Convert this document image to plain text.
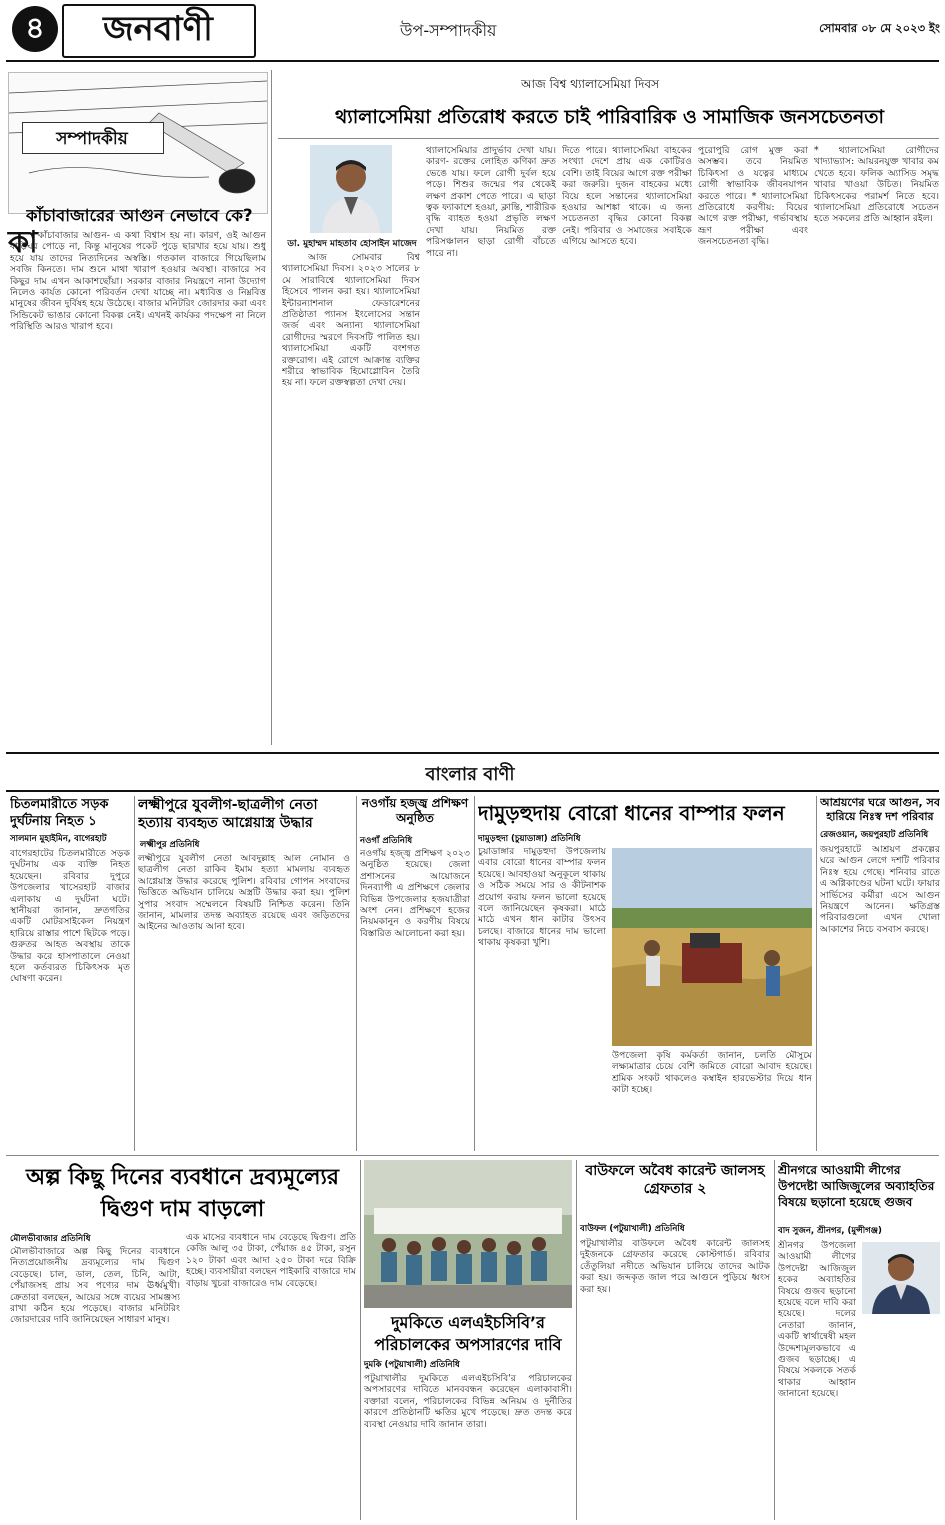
৪	জনবাণী	উপ-সম্পাদকীয়	সোমবার ০৮ মে ২০২৩ ইং
সম্পাদকীয়
কাঁচাবাজারের আগুন নেভাবে কে?
কা কাঁচাবাজার আগুন- এ কথা বিশ্বাস হয় না। কারণ, ওই আগুন বাড়িঘর পোড়ে না, কিন্তু মানুষের পকেট পুড়ে ছারখার হয়ে যায়। শুধু হয়ে যায় তাদের নিত্যদিনের অস্বস্তি। গতকাল বাজারে গিয়েছিলাম সবজি কিনতে। দাম শুনে মাথা খারাপ হওয়ার অবস্থা। বাজারে সব কিছুর দাম এখন আকাশছোঁয়া। সরকার বাজার নিয়ন্ত্রণে নানা উদ্যোগ নিলেও কার্যত কোনো পরিবর্তন দেখা যাচ্ছে না। মধ্যবিত্ত ও নিম্নবিত্ত মানুষের জীবন দুর্বিষহ হয়ে উঠেছে। বাজার মনিটরিং জোরদার করা এবং সিন্ডিকেট ভাঙার কোনো বিকল্প নেই। এখনই কার্যকর পদক্ষেপ না নিলে পরিস্থিতি আরও খারাপ হবে।
আজ বিশ্ব থ্যালাসেমিয়া দিবস
থ্যালাসেমিয়া প্রতিরোধ করতে চাই পারিবারিক ও সামাজিক জনসচেতনতা
ডা. মুহাম্মদ মাহতাব হোসাইন মাজেদ
আজ সোমবার বিশ্ব থ্যালাসেমিয়া দিবস। ২০২৩ সালের ৮ মে সারাবিশ্বে থ্যালাসেমিয়া দিবস হিসেবে পালন করা হয়। থ্যালাসেমিয়া ইন্টারন্যাশনাল ফেডারেশনের প্রতিষ্ঠাতা প্যানস ইংলোসের সন্তান জর্জ এবং অন্যান্য থ্যালাসেমিয়া রোগীদের স্মরণে দিবসটি পালিত হয়। থ্যালাসেমিয়া একটি বংশগত রক্তরোগ। এই রোগে আক্রান্ত ব্যক্তির শরীরে স্বাভাবিক হিমোগ্লোবিন তৈরি হয় না। ফলে রক্তস্বল্পতা দেখা দেয়।
থ্যালাসেমিয়ার প্রাদুর্ভাব দেখা যায়। কারণ- রক্তের লোহিত কণিকা দ্রুত ভেঙে যায়। ফলে রোগী দুর্বল হয়ে পড়ে। শিশুর জন্মের পর থেকেই লক্ষণ প্রকাশ পেতে পারে। এ ছাড়া ত্বক ফ্যাকাশে হওয়া, ক্লান্তি, শারীরিক বৃদ্ধি ব্যাহত হওয়া প্রভৃতি লক্ষণ দেখা যায়। নিয়মিত রক্ত পরিসঞ্চালন ছাড়া রোগী বাঁচতে পারে না।
দিতে পারে। থ্যালাসেমিয়া বাহকের সংখ্যা দেশে প্রায় এক কোটিরও বেশি। তাই বিয়ের আগে রক্ত পরীক্ষা করা জরুরি। দুজন বাহকের মধ্যে বিয়ে হলে সন্তানের থ্যালাসেমিয়া হওয়ার আশঙ্কা থাকে। এ জন্য সচেতনতা বৃদ্ধির কোনো বিকল্প নেই। পরিবার ও সমাজের সবাইকে এগিয়ে আসতে হবে।
পুরোপুরি রোগ মুক্ত করা অসম্ভব। তবে নিয়মিত চিকিৎসা ও যত্নের মাধ্যমে রোগী স্বাভাবিক জীবনযাপন করতে পারে। * থ্যালাসেমিয়া প্রতিরোধে করণীয়: বিয়ের আগে রক্ত পরীক্ষা, গর্ভাবস্থায় ভ্রূণ পরীক্ষা এবং জনসচেতনতা বৃদ্ধি।
* থ্যালাসেমিয়া রোগীদের খাদ্যাভ্যাস: আয়রনযুক্ত খাবার কম খেতে হবে। ফলিক অ্যাসিড সমৃদ্ধ খাবার খাওয়া উচিত। নিয়মিত চিকিৎসকের পরামর্শ নিতে হবে। থ্যালাসেমিয়া প্রতিরোধে সচেতন হতে সকলের প্রতি আহ্বান রইল।
বাংলার বাণী
চিতলমারীতে সড়ক দুর্ঘটনায় নিহত ১
সালমান মুহাইমিন, বাগেরহাট
বাগেরহাটের চিতলমারীতে সড়ক দুর্ঘটনায় এক ব্যক্তি নিহত হয়েছেন। রবিবার দুপুরে উপজেলার খাসেরহাট বাজার এলাকায় এ দুর্ঘটনা ঘটে। স্থানীয়রা জানান, দ্রুতগতির একটি মোটরসাইকেল নিয়ন্ত্রণ হারিয়ে রাস্তার পাশে ছিটকে পড়ে। গুরুতর আহত অবস্থায় তাকে উদ্ধার করে হাসপাতালে নেওয়া হলে কর্তব্যরত চিকিৎসক মৃত ঘোষণা করেন।
লক্ষ্মীপুরে যুবলীগ-ছাত্রলীগ নেতা হত্যায় ব্যবহৃত আগ্নেয়াস্ত্র উদ্ধার
লক্ষ্মীপুর প্রতিনিধি
লক্ষ্মীপুরে যুবলীগ নেতা আবদুল্লাহ আল নোমান ও ছাত্রলীগ নেতা রাকিব ইমাম হত্যা মামলায় ব্যবহৃত আগ্নেয়াস্ত্র উদ্ধার করেছে পুলিশ। রবিবার গোপন সংবাদের ভিত্তিতে অভিযান চালিয়ে অস্ত্রটি উদ্ধার করা হয়। পুলিশ সুপার সংবাদ সম্মেলনে বিষয়টি নিশ্চিত করেন। তিনি জানান, মামলার তদন্ত অব্যাহত রয়েছে এবং জড়িতদের আইনের আওতায় আনা হবে।
নওগাঁয় হজ্জ্ব প্রশিক্ষণ অনুষ্ঠিত
নওগাঁ প্রতিনিধি
নওগাঁয় হজ্জ্ব প্রশিক্ষণ ২০২৩ অনুষ্ঠিত হয়েছে। জেলা প্রশাসনের আয়োজনে দিনব্যাপী এ প্রশিক্ষণে জেলার বিভিন্ন উপজেলার হজযাত্রীরা অংশ নেন। প্রশিক্ষণে হজের নিয়মকানুন ও করণীয় বিষয়ে বিস্তারিত আলোচনা করা হয়।
দামুড়হুদায় বোরো ধানের বাম্পার ফলন
দামুড়হুদা (চুয়াডাঙ্গা) প্রতিনিধি
চুয়াডাঙ্গার দামুড়হুদা উপজেলায় এবার বোরো ধানের বাম্পার ফলন হয়েছে। আবহাওয়া অনুকূলে থাকায় ও সঠিক সময়ে সার ও কীটনাশক প্রয়োগ করায় ফলন ভালো হয়েছে বলে জানিয়েছেন কৃষকরা। মাঠে মাঠে এখন ধান কাটার উৎসব চলছে। বাজারে ধানের দাম ভালো থাকায় কৃষকরা খুশি।
উপজেলা কৃষি কর্মকর্তা জানান, চলতি মৌসুমে লক্ষ্যমাত্রার চেয়ে বেশি জমিতে বোরো আবাদ হয়েছে। শ্রমিক সংকট থাকলেও কম্বাইন হারভেস্টার দিয়ে ধান কাটা হচ্ছে।
আশ্রয়ণের ঘরে আগুন, সব হারিয়ে নিঃস্ব দশ পরিবার
রেজওয়ান, জয়পুরহাট প্রতিনিধি
জয়পুরহাটে আশ্রয়ণ প্রকল্পের ঘরে আগুন লেগে দশটি পরিবার নিঃস্ব হয়ে গেছে। শনিবার রাতে এ অগ্নিকাণ্ডের ঘটনা ঘটে। ফায়ার সার্ভিসের কর্মীরা এসে আগুন নিয়ন্ত্রণে আনেন। ক্ষতিগ্রস্ত পরিবারগুলো এখন খোলা আকাশের নিচে বসবাস করছে।
অল্প কিছু দিনের ব্যবধানে দ্রব্যমূল্যের দ্বিগুণ দাম বাড়লো
মৌলভীবাজার প্রতিনিধি
মৌলভীবাজারে অল্প কিছু দিনের ব্যবধানে নিত্যপ্রয়োজনীয় দ্রব্যমূল্যের দাম দ্বিগুণ বেড়েছে। চাল, ডাল, তেল, চিনি, আটা, পেঁয়াজসহ প্রায় সব পণ্যের দাম ঊর্ধ্বমুখী। ক্রেতারা বলছেন, আয়ের সঙ্গে ব্যয়ের সামঞ্জস্য রাখা কঠিন হয়ে পড়েছে। বাজার মনিটরিং জোরদারের দাবি জানিয়েছেন সাধারণ মানুষ।
এক মাসের ব্যবধানে দাম বেড়েছে দ্বিগুণ। প্রতি কেজি আলু ৩৫ টাকা, পেঁয়াজ ৪৫ টাকা, রসুন ১২০ টাকা এবং আদা ২৫০ টাকা দরে বিক্রি হচ্ছে। ব্যবসায়ীরা বলছেন পাইকারি বাজারে দাম বাড়ায় খুচরা বাজারেও দাম বেড়েছে।
দুমকিতে এলএইচসিবি’র পরিচালকের অপসারণের দাবি
দুমকি (পটুয়াখালী) প্রতিনিধি
পটুয়াখালীর দুমকিতে এলএইচসিবি'র পরিচালকের অপসারণের দাবিতে মানববন্ধন করেছেন এলাকাবাসী। বক্তারা বলেন, পরিচালকের বিভিন্ন অনিয়ম ও দুর্নীতির কারণে প্রতিষ্ঠানটি ক্ষতির মুখে পড়েছে। দ্রুত তদন্ত করে ব্যবস্থা নেওয়ার দাবি জানান তারা।
বাউফলে অবৈধ কারেন্ট জালসহ গ্রেফতার ২
বাউফল (পটুয়াখালী) প্রতিনিধি
পটুয়াখালীর বাউফলে অবৈধ কারেন্ট জালসহ দুইজনকে গ্রেফতার করেছে কোস্টগার্ড। রবিবার তেঁতুলিয়া নদীতে অভিযান চালিয়ে তাদের আটক করা হয়। জব্দকৃত জাল পরে আগুনে পুড়িয়ে ধ্বংস করা হয়।
শ্রীনগরে আওয়ামী লীগের উপদেষ্টা আজিজুলের অব্যাহতির বিষয়ে ছড়ানো হয়েছে গুজব
বাদ সুজন, শ্রীনগর, (মুন্সীগঞ্জ)
শ্রীনগর উপজেলা আওয়ামী লীগের উপদেষ্টা আজিজুল হকের অব্যাহতির বিষয়ে গুজব ছড়ানো হয়েছে বলে দাবি করা হয়েছে। দলের নেতারা জানান, একটি স্বার্থান্বেষী মহল উদ্দেশ্যমূলকভাবে এ গুজব ছড়াচ্ছে। এ বিষয়ে সকলকে সতর্ক থাকার আহ্বান জানানো হয়েছে।
